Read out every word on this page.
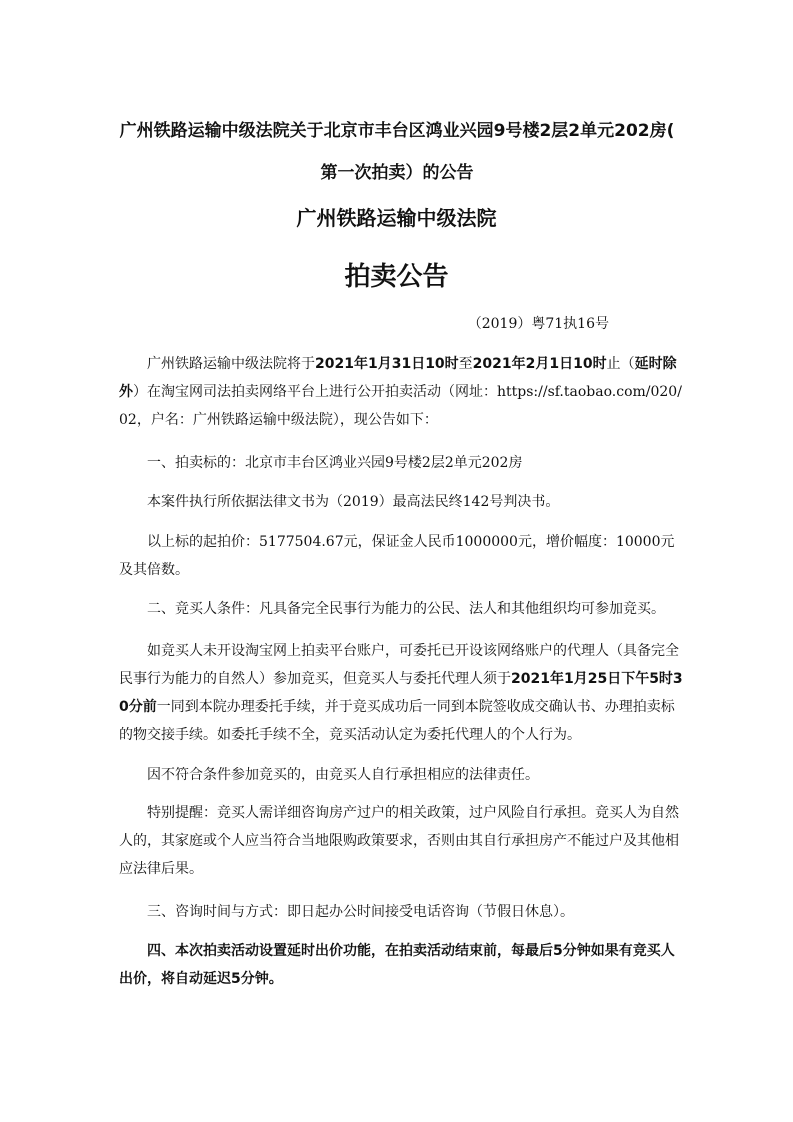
广州铁路运输中级法院关于北京市丰台区鸿业兴园9号楼2层2单元202房( 第一次拍卖）的公告
广州铁路运输中级法院
拍卖公告

（2019）粤71执16号

广州铁路运输中级法院将于2021年1月31日10时至2021年2月1日10时止（延时除外）在淘宝网司法拍卖网络平台上进行公开拍卖活动（网址：https://sf.taobao.com/020/02，户名：广州铁路运输中级法院），现公告如下：

一、拍卖标的：北京市丰台区鸿业兴园9号楼2层2单元202房

本案件执行所依据法律文书为（2019）最高法民终142号判决书。

以上标的起拍价：5177504.67元，保证金人民币1000000元，增价幅度：10000元及其倍数。

二、竞买人条件：凡具备完全民事行为能力的公民、法人和其他组织均可参加竞买。

如竞买人未开设淘宝网上拍卖平台账户，可委托已开设该网络账户的代理人（具备完全民事行为能力的自然人）参加竞买，但竞买人与委托代理人须于2021年1月25日下午5时30分前一同到本院办理委托手续，并于竞买成功后一同到本院签收成交确认书、办理拍卖标的物交接手续。如委托手续不全，竞买活动认定为委托代理人的个人行为。

因不符合条件参加竞买的，由竞买人自行承担相应的法律责任。

特别提醒：竞买人需详细咨询房产过户的相关政策，过户风险自行承担。竞买人为自然人的，其家庭或个人应当符合当地限购政策要求，否则由其自行承担房产不能过户及其他相应法律后果。

三、咨询时间与方式：即日起办公时间接受电话咨询（节假日休息）。

四、本次拍卖活动设置延时出价功能，在拍卖活动结束前，每最后5分钟如果有竞买人出价，将自动延迟5分钟。
